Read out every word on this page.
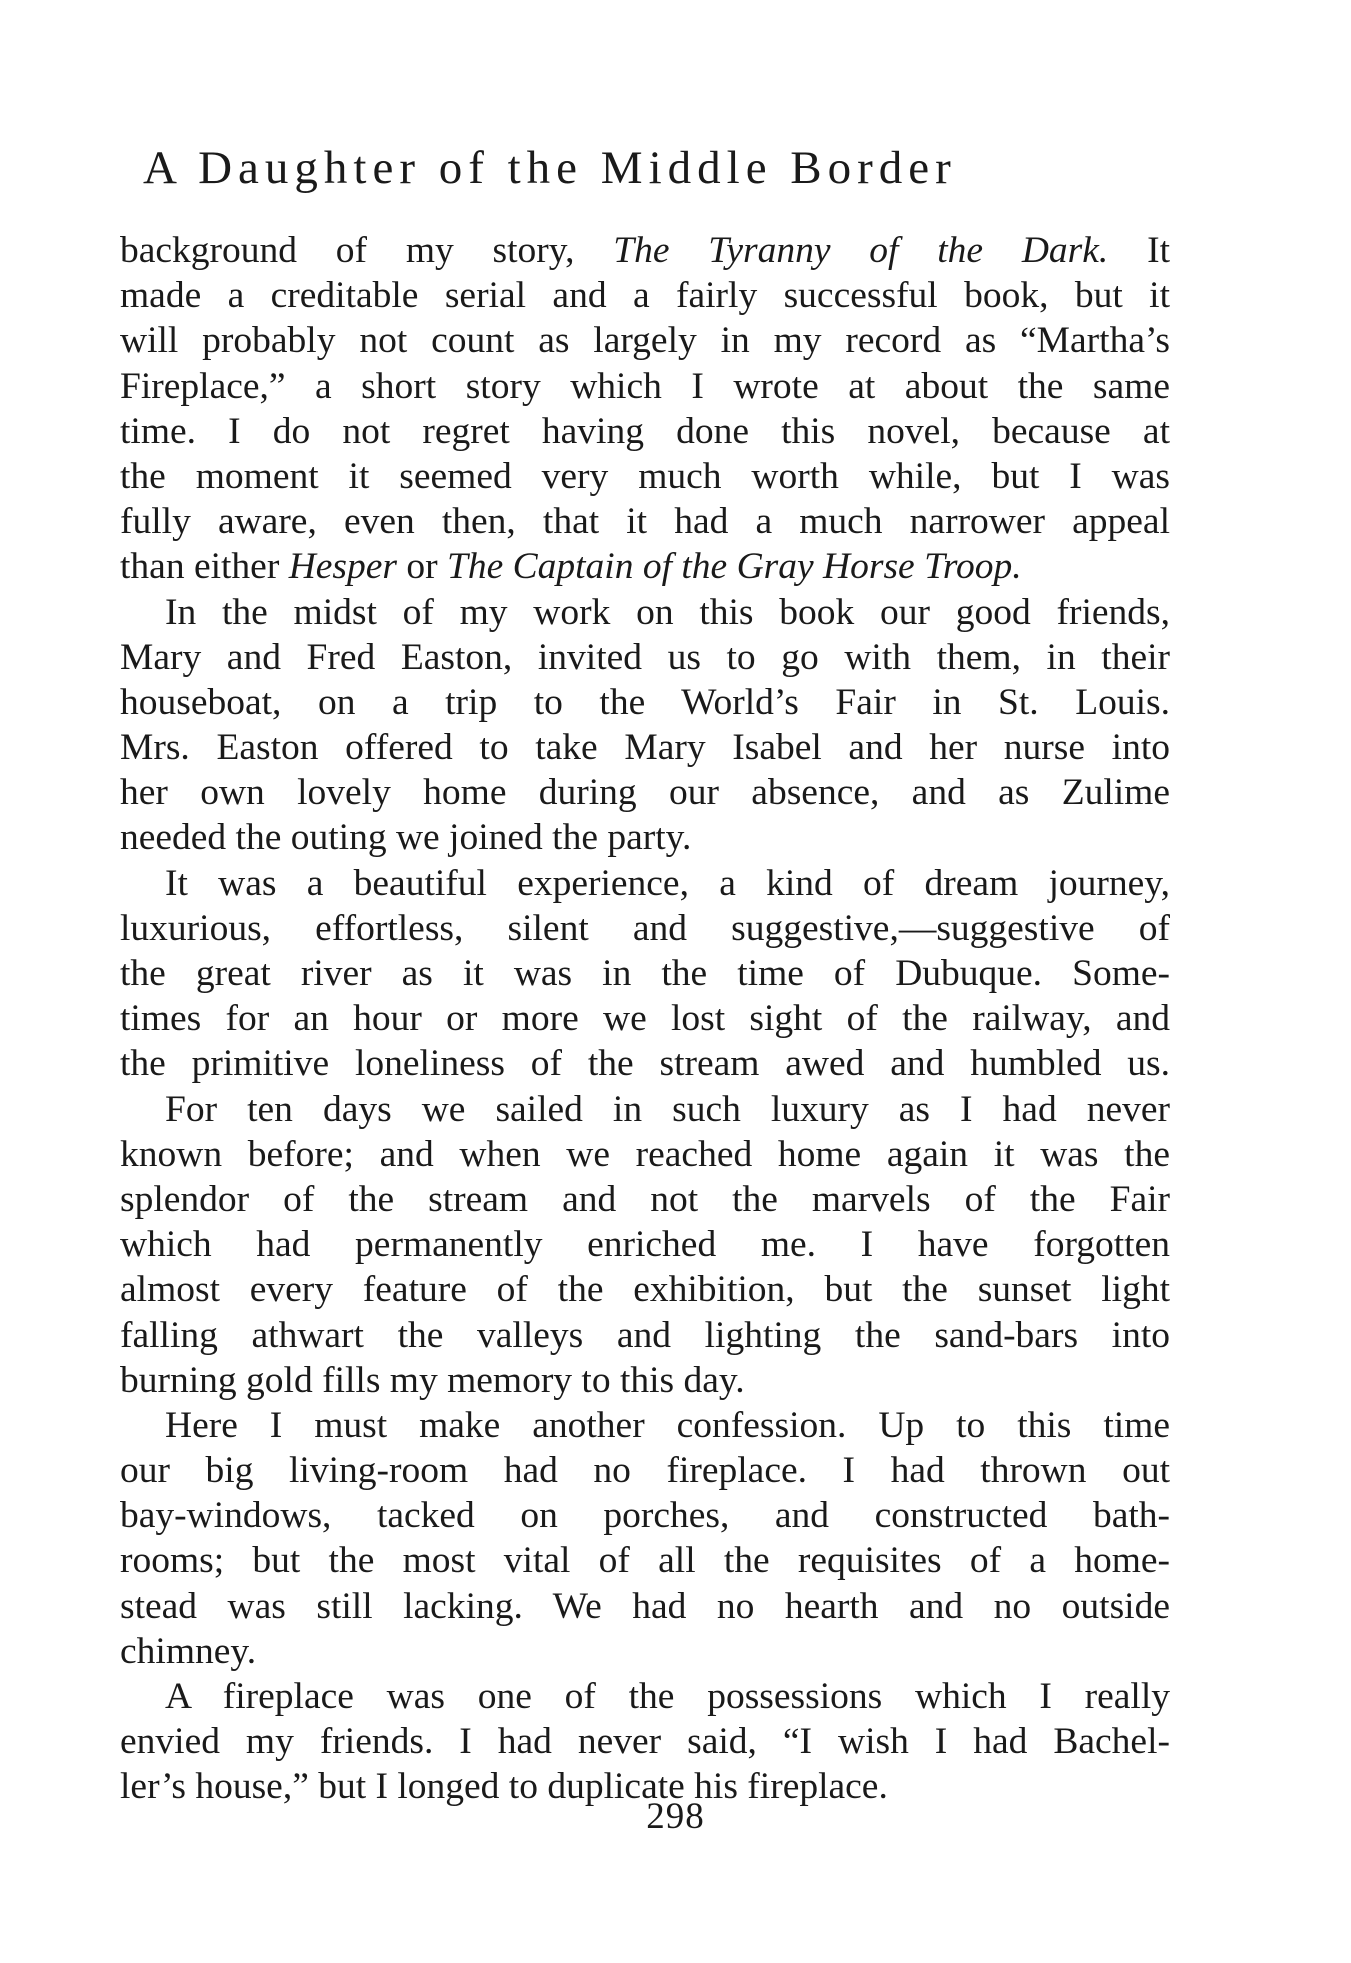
A Daughter of the Middle Border
background of my story, The Tyranny of the Dark. It
made a creditable serial and a fairly successful book, but it
will probably not count as largely in my record as “Martha’s
Fireplace,” a short story which I wrote at about the same
time. I do not regret having done this novel, because at
the moment it seemed very much worth while, but I was
fully aware, even then, that it had a much narrower appeal
than either Hesper or The Captain of the Gray Horse Troop.
In the midst of my work on this book our good friends,
Mary and Fred Easton, invited us to go with them, in their
houseboat, on a trip to the World’s Fair in St. Louis.
Mrs. Easton offered to take Mary Isabel and her nurse into
her own lovely home during our absence, and as Zulime
needed the outing we joined the party.
It was a beautiful experience, a kind of dream journey,
luxurious, effortless, silent and suggestive,—suggestive of
the great river as it was in the time of Dubuque. Some-
times for an hour or more we lost sight of the railway, and
the primitive loneliness of the stream awed and humbled us.
For ten days we sailed in such luxury as I had never
known before; and when we reached home again it was the
splendor of the stream and not the marvels of the Fair
which had permanently enriched me. I have forgotten
almost every feature of the exhibition, but the sunset light
falling athwart the valleys and lighting the sand-bars into
burning gold fills my memory to this day.
Here I must make another confession. Up to this time
our big living-room had no fireplace. I had thrown out
bay-windows, tacked on porches, and constructed bath-
rooms; but the most vital of all the requisites of a home-
stead was still lacking. We had no hearth and no outside
chimney.
A fireplace was one of the possessions which I really
envied my friends. I had never said, “I wish I had Bachel-
ler’s house,” but I longed to duplicate his fireplace.
298
